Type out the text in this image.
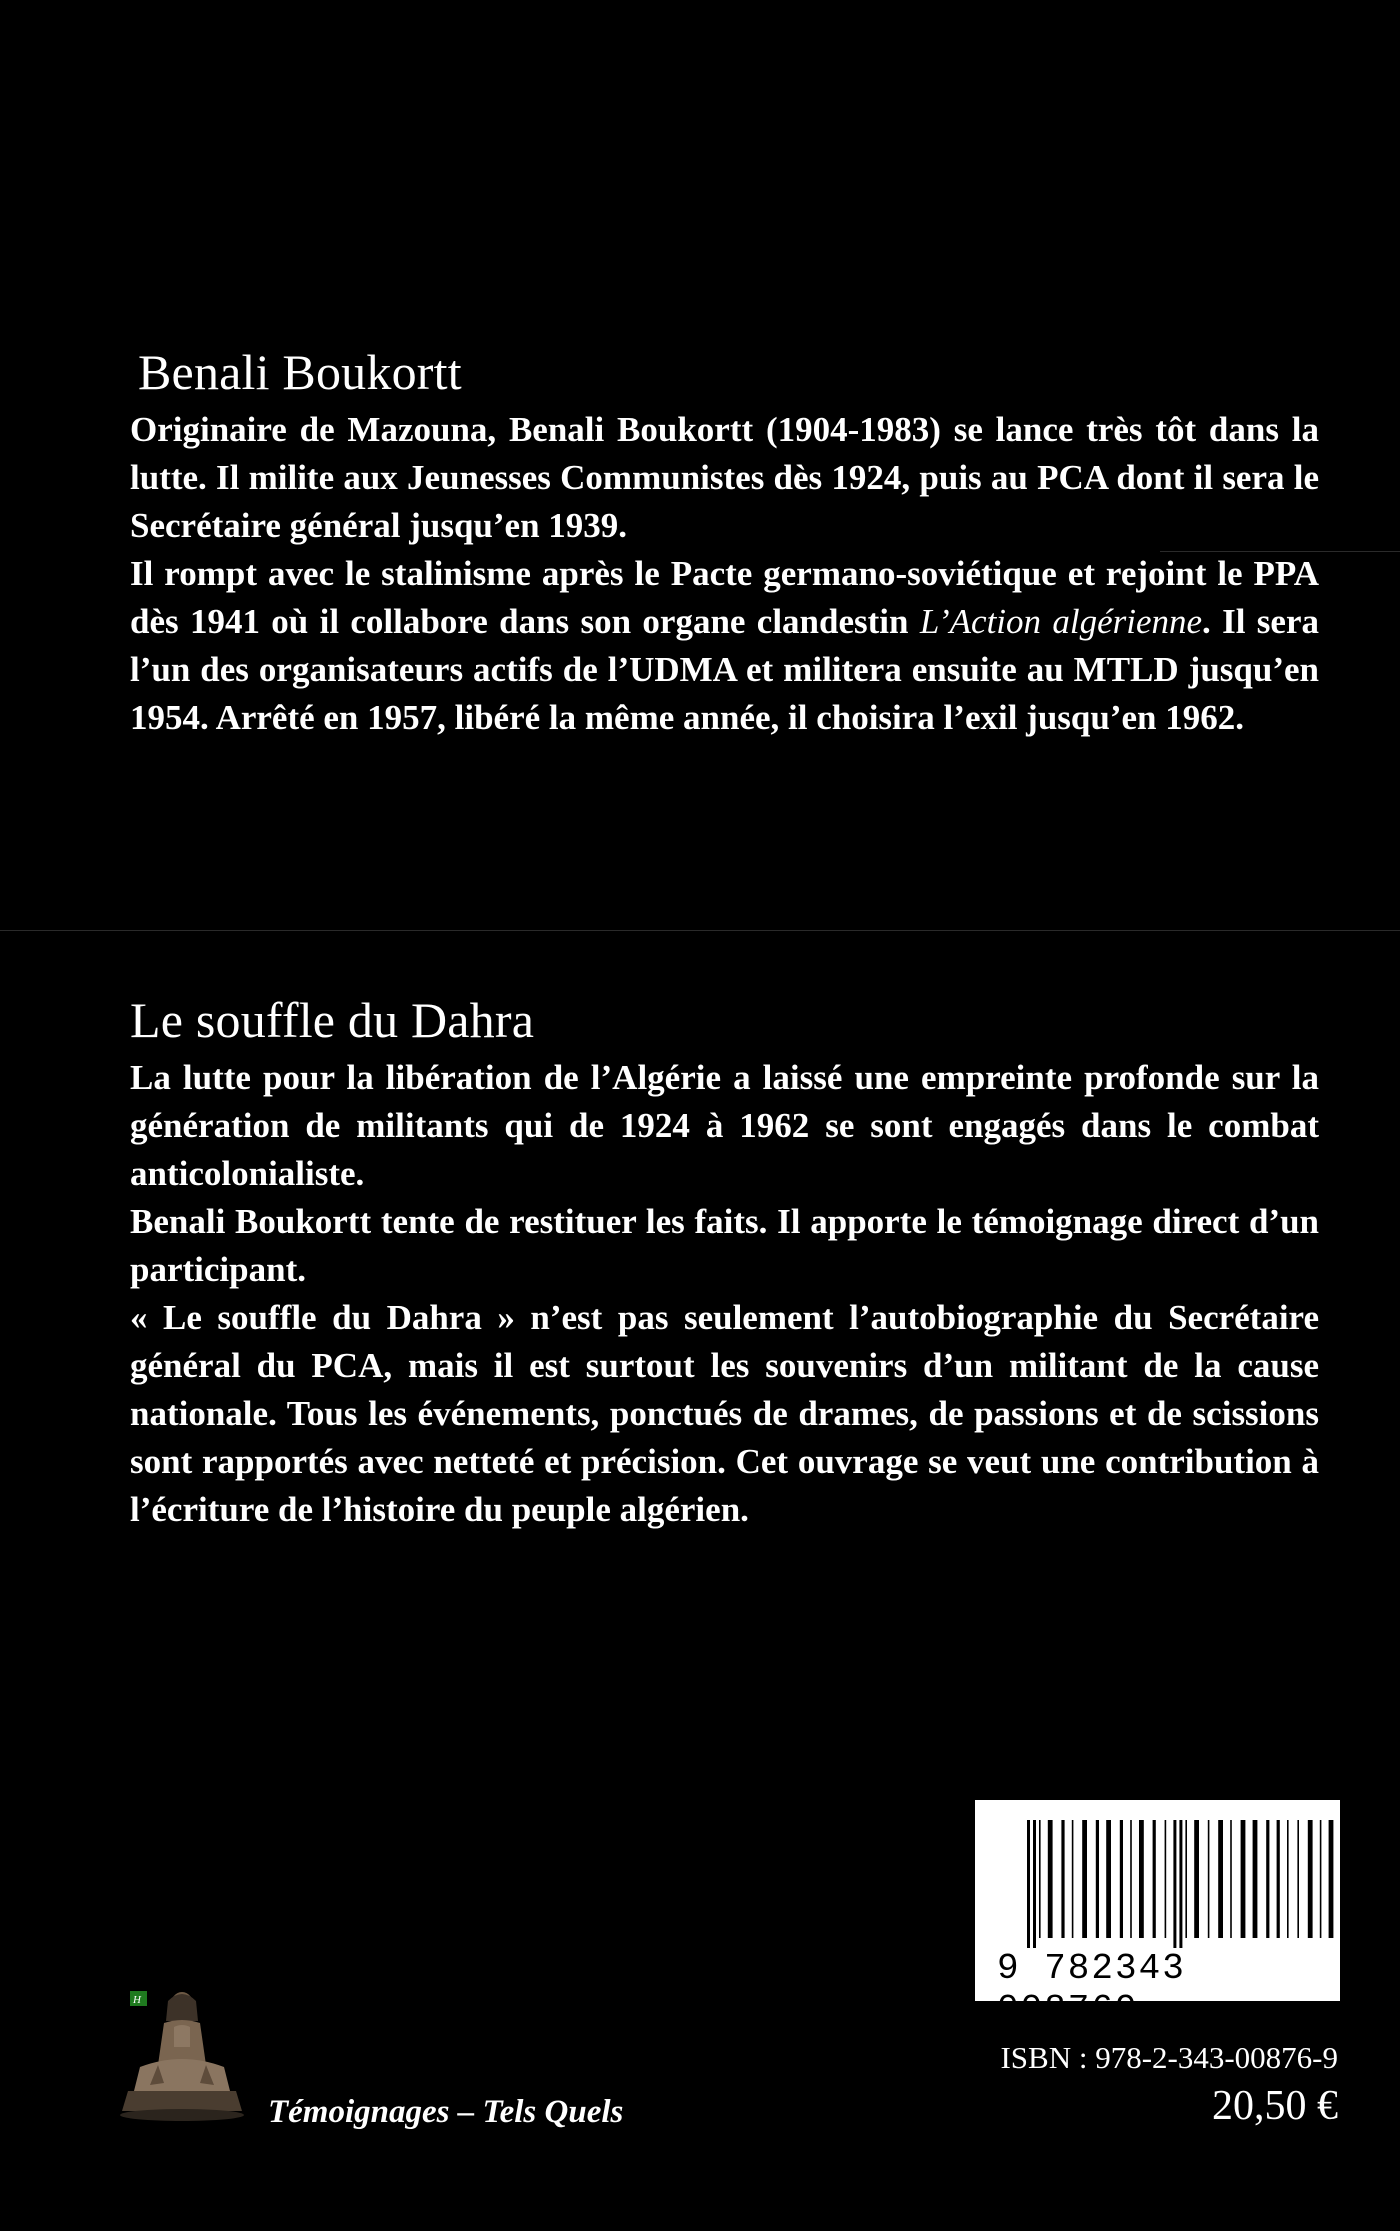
Benali Boukortt

Originaire de Mazouna, Benali Boukortt (1904-1983) se lance très tôt dans la lutte. Il milite aux Jeunesses Communistes dès 1924, puis au PCA dont il sera le Secrétaire général jusqu’en 1939.

Il rompt avec le stalinisme après le Pacte germano-soviétique et rejoint le PPA dès 1941 où il collabore dans son organe clandestin L’Action algérienne. Il sera l’un des organisateurs actifs de l’UDMA et militera ensuite au MTLD jusqu’en 1954. Arrêté en 1957, libéré la même année, il choisira l’exil jusqu’en 1962.

Le souffle du Dahra

La lutte pour la libération de l’Algérie a laissé une empreinte profonde sur la génération de militants qui de 1924 à 1962 se sont engagés dans le combat anticolonialiste.

Benali Boukortt tente de restituer les faits. Il apporte le témoignage direct d’un participant.

« Le souffle du Dahra » n’est pas seulement l’autobiographie du Secrétaire général du PCA, mais il est surtout les souvenirs d’un militant de la cause nationale. Tous les événements, ponctués de drames, de passions et de scissions sont rapportés avec netteté et précision. Cet ouvrage se veut une contribution à l’écriture de l’histoire du peuple algérien.

9 782343 008769
ISBN : 978-2-343-00876-9
20,50 €
H
Témoignages – Tels Quels
